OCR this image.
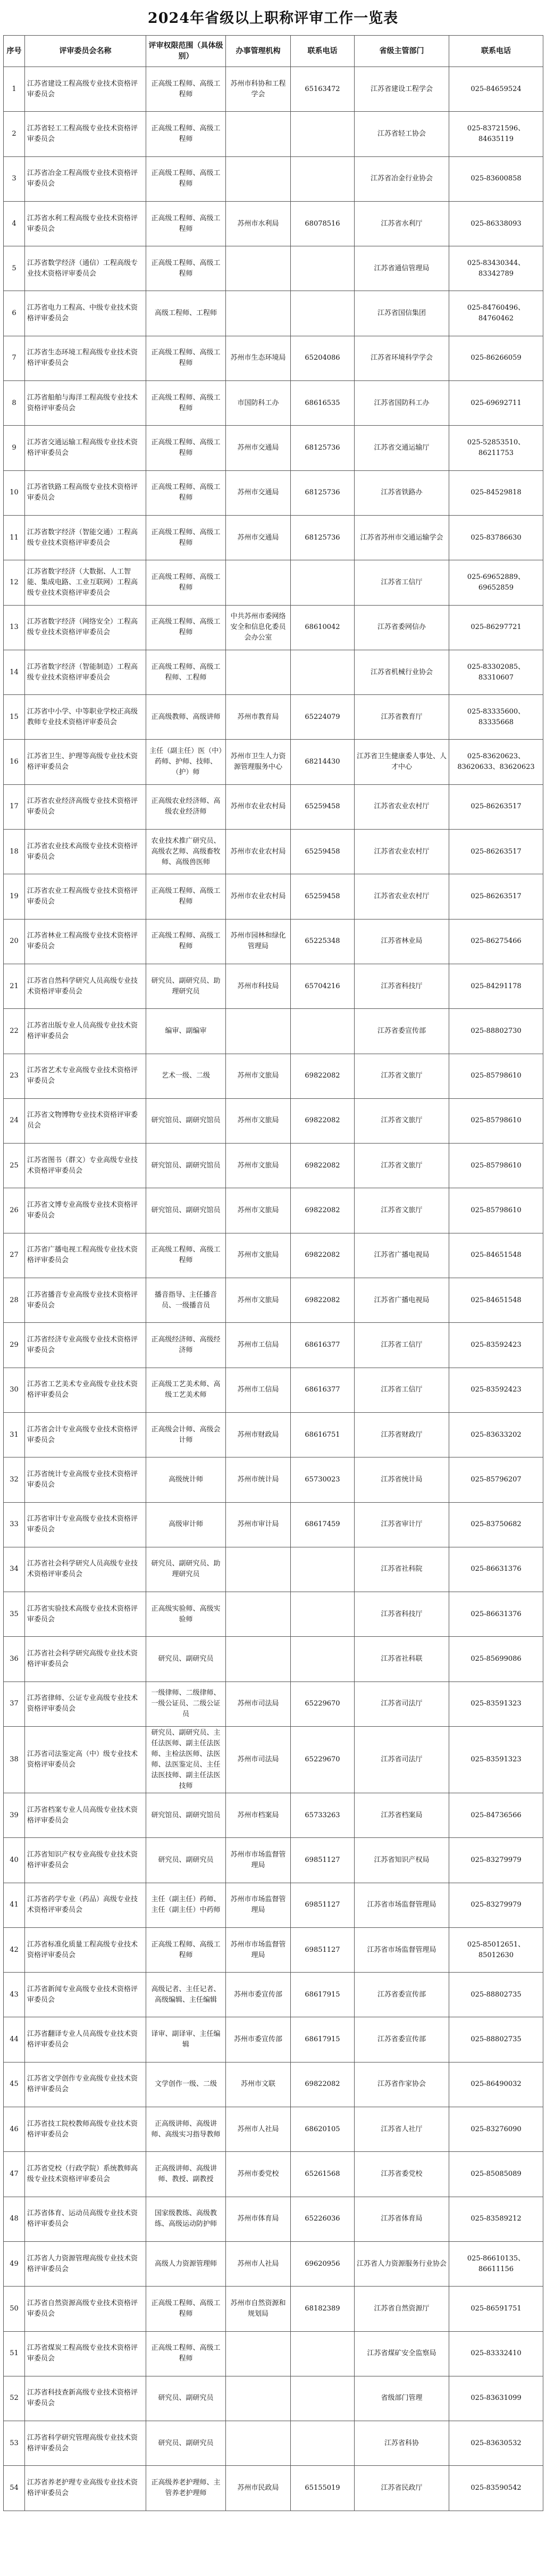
2024年省级以上职称评审工作一览表
序号	评审委员会名称	评审权限范围（具体级别）	办事管理机构	联系电话	省级主管部门	联系电话
1	江苏省建设工程高级专业技术资格评审委员会	正高级工程师、高级工程师	苏州市科协和工程学会	65163472	江苏省建设工程学会	025-84659524
2	江苏省轻工工程高级专业技术资格评审委员会	正高级工程师、高级工程师			江苏省轻工协会	025-83721596、84635119
3	江苏省冶金工程高级专业技术资格评审委员会	正高级工程师、高级工程师			江苏省冶金行业协会	025-83600858
4	江苏省水利工程高级专业技术资格评审委员会	正高级工程师、高级工程师	苏州市水利局	68078516	江苏省水利厅	025-86338093
5	江苏省数学经济（通信）工程高级专业技术资格评审委员会	正高级工程师、高级工程师			江苏省通信管理局	025-83430344、83342789
6	江苏省电力工程高、中级专业技术资格评审委员会	高级工程师、工程师			江苏省国信集团	025-84760496、84760462
7	江苏省生态环境工程高级专业技术资格评审委员会	正高级工程师、高级工程师	苏州市生态环境局	65204086	江苏省环境科学学会	025-86266059
8	江苏省船舶与海洋工程高级专业技术资格评审委员会	正高级工程师、高级工程师	市国防科工办	68616535	江苏省国防科工办	025-69692711
9	江苏省交通运输工程高级专业技术资格评审委员会	正高级工程师、高级工程师	苏州市交通局	68125736	江苏省交通运输厅	025-52853510、86211753
10	江苏省铁路工程高级专业技术资格评审委员会	正高级工程师、高级工程师	苏州市交通局	68125736	江苏省铁路办	025-84529818
11	江苏省数字经济（智能交通）工程高级专业技术资格评审委员会	正高级工程师、高级工程师	苏州市交通局	68125736	江苏省苏州市交通运输学会	025-83786630
12	江苏省数字经济（大数据、人工智能、集成电路、工业互联网）工程高级专业技术资格评审委员会	正高级工程师、高级工程师			江苏省工信厅	025-69652889、69652859
13	江苏省数字经济（网络安全）工程高级专业技术资格评审委员会	正高级工程师、高级工程师	中共苏州市委网络安全和信息化委员会办公室	68610042	江苏省委网信办	025-86297721
14	江苏省数字经济（智能制造）工程高级专业技术资格评审委员会	正高级工程师、高级工程师、工程师			江苏省机械行业协会	025-83302085、83310607
15	江苏省中小学、中等职业学校正高级教师专业技术资格评审委员会	正高级教师、高级讲师	苏州市教育局	65224079	江苏省教育厅	025-83335600、83335668
16	江苏省卫生、护理等高级专业技术资格评审委员会	主任（副主任）医（中）药师、护师、技师、（护）师	苏州市卫生人力资源管理服务中心	68214430	江苏省卫生健康委人事处、人才中心	025-83620623、83620633、83620623
17	江苏省农业经济高级专业技术资格评审委员会	正高级农业经济师、高级农业经济师	苏州市农业农村局	65259458	江苏省农业农村厅	025-86263517
18	江苏省农业技术高级专业技术资格评审委员会	农业技术推广研究员、高级农艺师、高级畜牧师、高级兽医师	苏州市农业农村局	65259458	江苏省农业农村厅	025-86263517
19	江苏省农业工程高级专业技术资格评审委员会	正高级工程师、高级工程师	苏州市农业农村局	65259458	江苏省农业农村厅	025-86263517
20	江苏省林业工程高级专业技术资格评审委员会	正高级工程师、高级工程师	苏州市园林和绿化管理局	65225348	江苏省林业局	025-86275466
21	江苏省自然科学研究人员高级专业技术资格评审委员会	研究员、副研究员、助理研究员	苏州市科技局	65704216	江苏省科技厅	025-84291178
22	江苏省出版专业人员高级专业技术资格评审委员会	编审、副编审			江苏省委宣传部	025-88802730
23	江苏省艺术专业高级专业技术资格评审委员会	艺术一级、二级	苏州市文旅局	69822082	江苏省文旅厅	025-85798610
24	江苏省文物博物专业技术资格评审委员会	研究馆员、副研究馆员	苏州市文旅局	69822082	江苏省文旅厅	025-85798610
25	江苏省图书（群文）专业高级专业技术资格评审委员会	研究馆员、副研究馆员	苏州市文旅局	69822082	江苏省文旅厅	025-85798610
26	江苏省文博专业高级专业技术资格评审委员会	研究馆员、副研究馆员	苏州市文旅局	69822082	江苏省文旅厅	025-85798610
27	江苏省广播电视工程高级专业技术资格评审委员会	正高级工程师、高级工程师	苏州市文旅局	69822082	江苏省广播电视局	025-84651548
28	江苏省播音专业高级专业技术资格评审委员会	播音指导、主任播音员、一级播音员	苏州市文旅局	69822082	江苏省广播电视局	025-84651548
29	江苏省经济专业高级专业技术资格评审委员会	正高级经济师、高级经济师	苏州市工信局	68616377	江苏省工信厅	025-83592423
30	江苏省工艺美术专业高级专业技术资格评审委员会	正高级工艺美术师、高级工艺美术师	苏州市工信局	68616377	江苏省工信厅	025-83592423
31	江苏省会计专业高级专业技术资格评审委员会	正高级会计师、高级会计师	苏州市财政局	68616751	江苏省财政厅	025-83633202
32	江苏省统计专业高级专业技术资格评审委员会	高级统计师	苏州市统计局	65730023	江苏省统计局	025-85796207
33	江苏省审计专业高级专业技术资格评审委员会	高级审计师	苏州市审计局	68617459	江苏省审计厅	025-83750682
34	江苏省社会科学研究人员高级专业技术资格评审委员会	研究员、副研究员、助理研究员			江苏省社科院	025-86631376
35	江苏省实验技术高级专业技术资格评审委员会	正高级实验师、高级实验师			江苏省科技厅	025-86631376
36	江苏省社会科学研究高级专业技术资格评审委员会	研究员、副研究员			江苏省社科联	025-85699086
37	江苏省律师、公证专业高级专业技术资格评审委员会	一级律师、二级律师、一级公证员、二级公证员	苏州市司法局	65229670	江苏省司法厅	025-83591323
38	江苏省司法鉴定高（中）级专业技术资格评审委员会	研究员、副研究员、主任法医师、副主任法医师、主检法医师、法医师、法医鉴定员、主任法医技师、副主任法医技师	苏州市司法局	65229670	江苏省司法厅	025-83591323
39	江苏省档案专业人员高级专业技术资格评审委员会	研究馆员、副研究馆员	苏州市档案局	65733263	江苏省档案局	025-84736566
40	江苏省知识产权专业高级专业技术资格评审委员会	研究员、副研究员	苏州市市场监督管理局	69851127	江苏省知识产权局	025-83279979
41	江苏省药学专业（药品）高级专业技术资格评审委员会	主任（副主任）药师、主任（副主任）中药师	苏州市市场监督管理局	69851127	江苏省市场监督管理局	025-83279979
42	江苏省标准化质量工程高级专业技术资格评审委员会	正高级工程师、高级工程师	苏州市市场监督管理局	69851127	江苏省市场监督管理局	025-85012651、85012630
43	江苏省新闻专业高级专业技术资格评审委员会	高级记者、主任记者、高级编辑、主任编辑	苏州市委宣传部	68617915	江苏省委宣传部	025-88802735
44	江苏省翻译专业人员高级专业技术资格评审委员会	译审、副译审、主任编辑	苏州市委宣传部	68617915	江苏省委宣传部	025-88802735
45	江苏省文学创作专业高级专业技术资格评审委员会	文学创作一级、二级	苏州市文联	69822082	江苏省作家协会	025-86490032
46	江苏省技工院校教师高级专业技术资格评审委员会	正高级讲师、高级讲师、高级实习指导教师	苏州市人社局	68620105	江苏省人社厅	025-83276090
47	江苏省党校（行政学院）系统教师高级专业技术资格评审委员会	正高级讲师、高级讲师、教授、副教授	苏州市委党校	65261568	江苏省委党校	025-85085089
48	江苏省体育、运动员高级专业技术资格评审委员会	国家级教练、高级教练、高级运动防护师	苏州市体育局	65226036	江苏省体育局	025-83589212
49	江苏省人力资源管理高级专业技术资格评审委员会	高级人力资源管理师	苏州市人社局	69620956	江苏省人力资源服务行业协会	025-86610135、86611156
50	江苏省自然资源高级专业技术资格评审委员会	正高级工程师、高级工程师	苏州市自然资源和规划局	68182389	江苏省自然资源厅	025-86591751
51	江苏省煤炭工程高级专业技术资格评审委员会	正高级工程师、高级工程师			江苏省煤矿安全监察局	025-83332410
52	江苏省科技查新高级专业技术资格评审委员会	研究员、副研究员			省级部门管理	025-83631099
53	江苏省科学研究管理高级专业技术资格评审委员会	研究员、副研究员			江苏省科协	025-83630532
54	江苏省养老护理专业高级专业技术资格评审委员会	正高级养老护理师、主管养老护理师	苏州市民政局	65155019	江苏省民政厅	025-83590542
